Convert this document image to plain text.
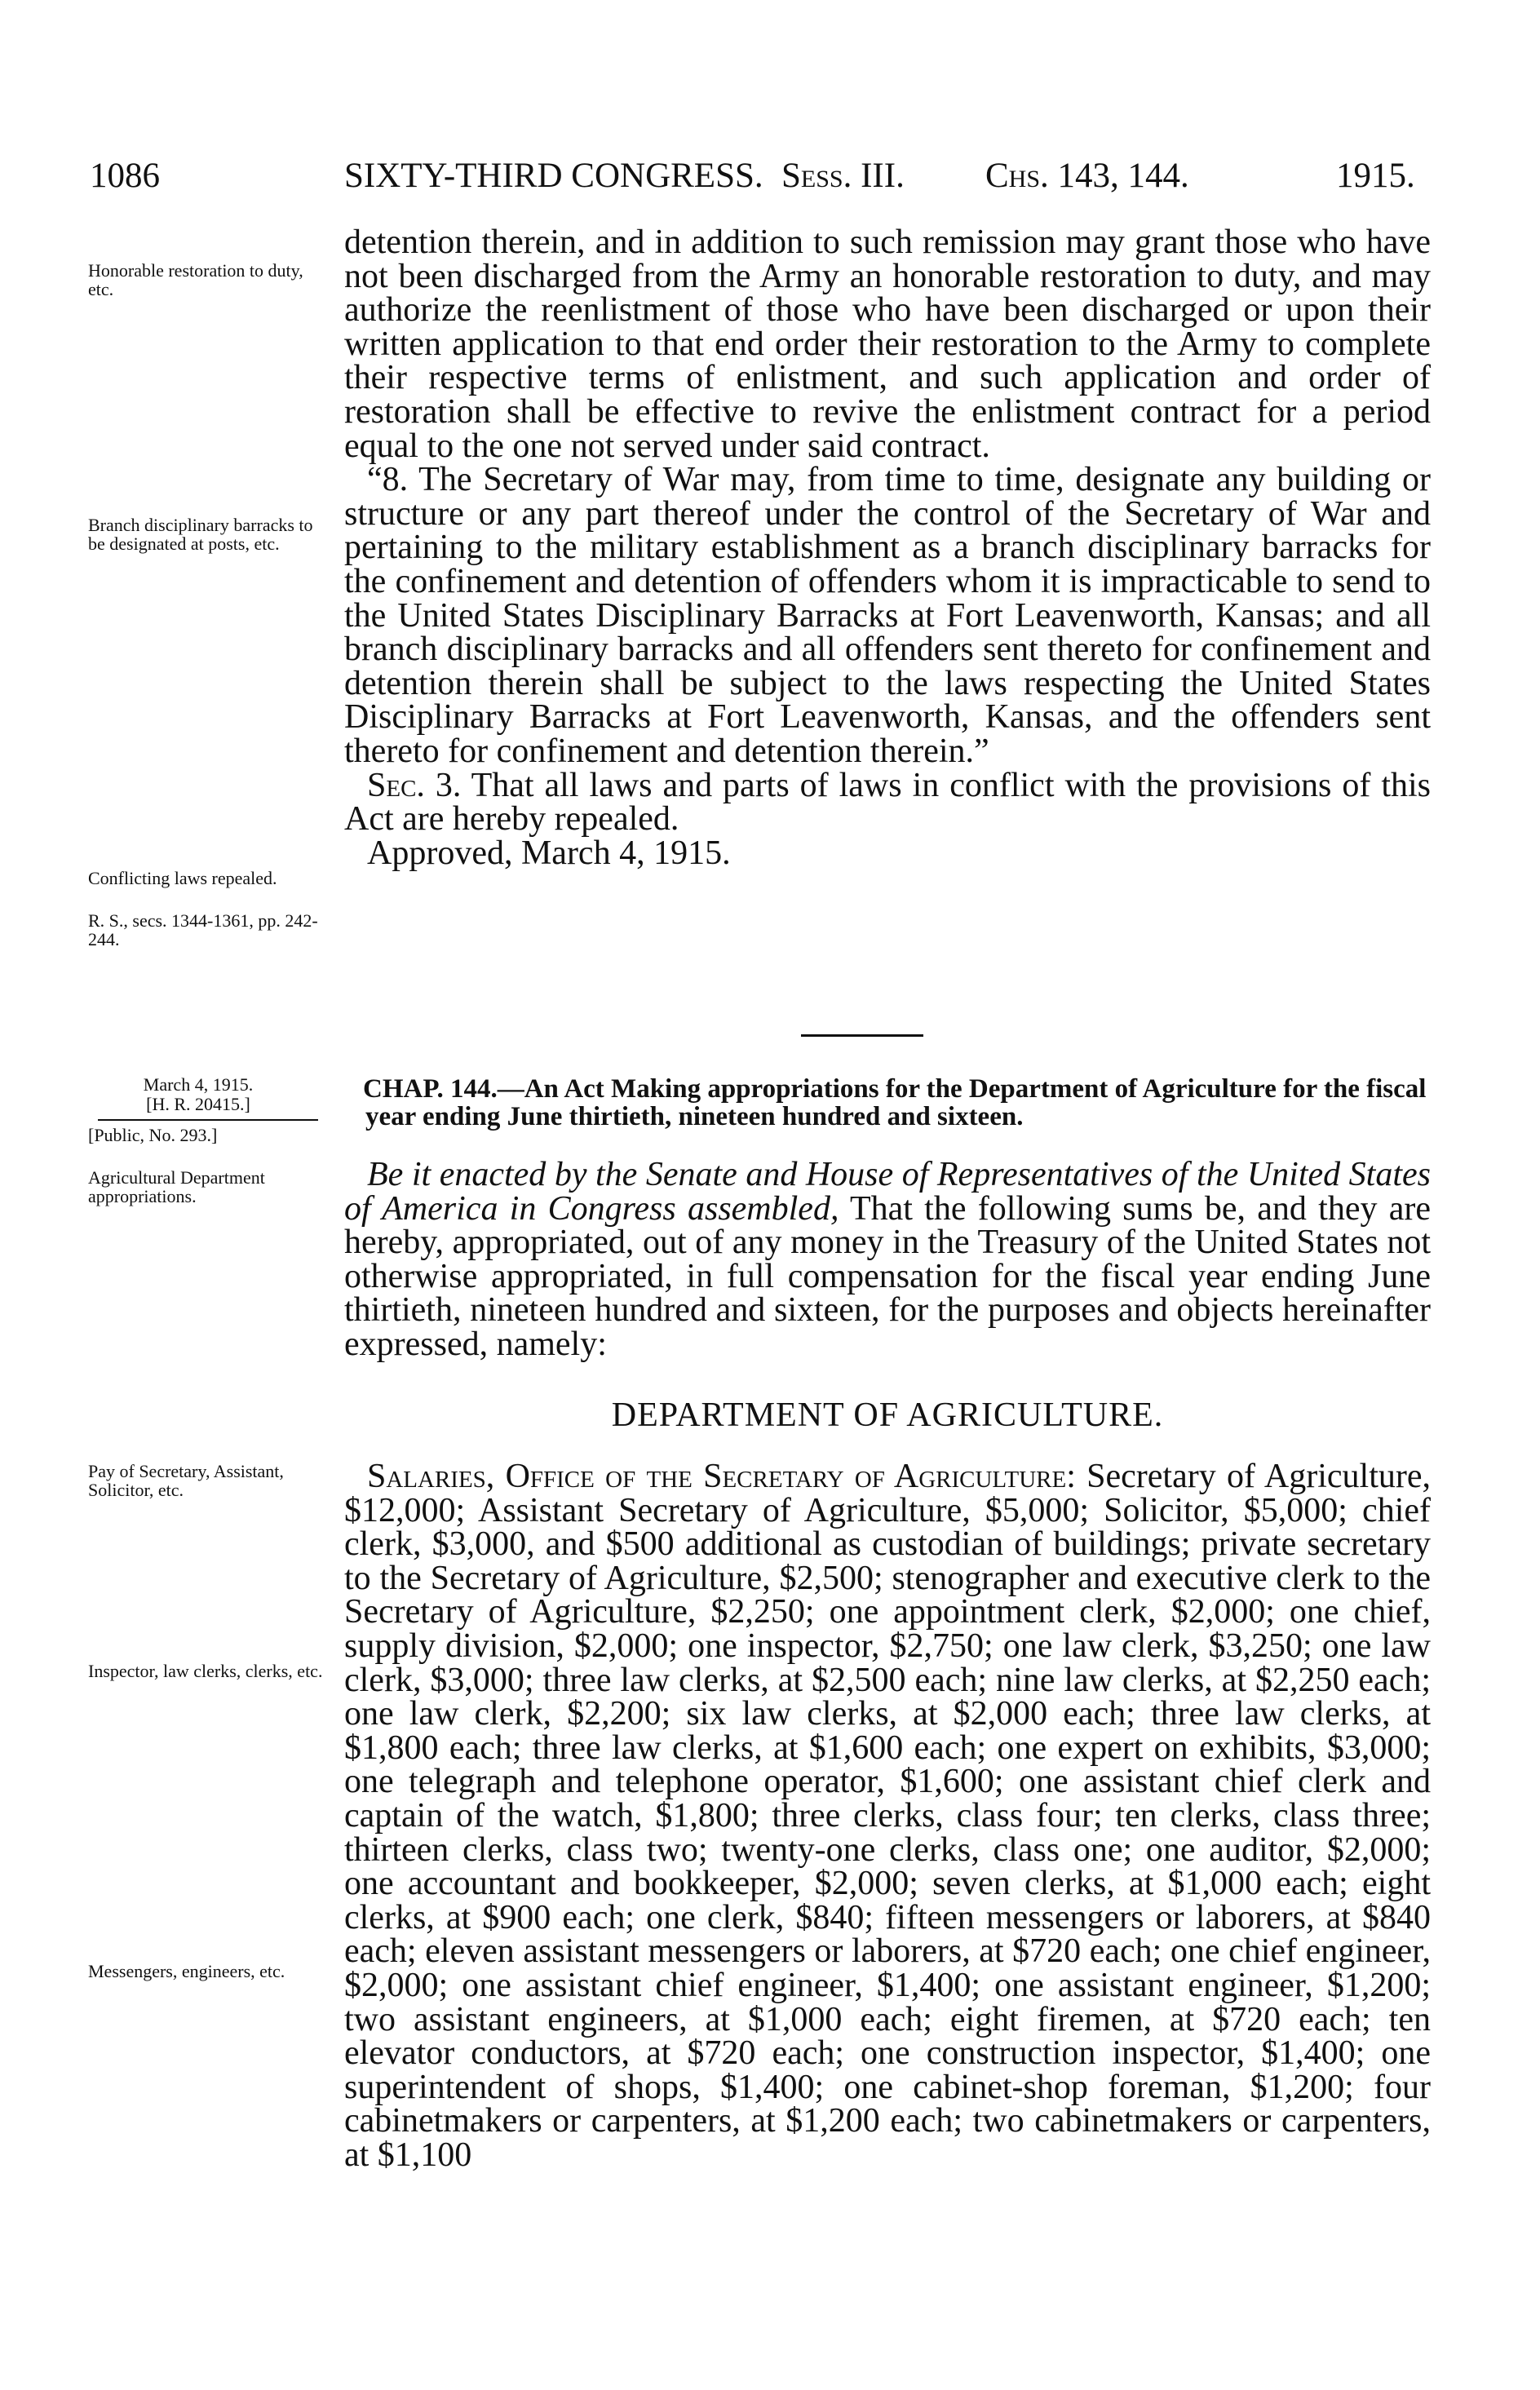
1086	SIXTY-THIRD CONGRESS. Sess. III. Chs. 143, 144.	1915.
Honorable restoration to duty, etc.
Branch disciplinary barracks to be designated at posts, etc.
Conflicting laws repealed.
R. S., secs. 1344-1361, pp. 242-244.

detention therein, and in addition to such remission may grant those who have not been discharged from the Army an honorable restoration to duty, and may authorize the reenlistment of those who have been discharged or upon their written application to that end order their restoration to the Army to complete their respective terms of enlistment, and such application and order of restoration shall be effective to revive the enlistment contract for a period equal to the one not served under said contract.

“8. The Secretary of War may, from time to time, designate any building or structure or any part thereof under the control of the Secretary of War and pertaining to the military establishment as a branch disciplinary barracks for the confinement and detention of offenders whom it is impracticable to send to the United States Disciplinary Barracks at Fort Leavenworth, Kansas; and all branch disciplinary barracks and all offenders sent thereto for confinement and detention therein shall be subject to the laws respecting the United States Disciplinary Barracks at Fort Leavenworth, Kansas, and the offenders sent thereto for confinement and detention therein.”

Sec. 3. That all laws and parts of laws in conflict with the provisions of this Act are hereby repealed.

Approved, March 4, 1915.

March 4, 1915.
[H. R. 20415.]
[Public, No. 293.]
Agricultural Department appropriations.
CHAP. 144.—An Act Making appropriations for the Department of Agriculture for the fiscal year ending June thirtieth, nineteen hundred and sixteen.

Be it enacted by the Senate and House of Representatives of the United States of America in Congress assembled, That the following sums be, and they are hereby, appropriated, out of any money in the Treasury of the United States not otherwise appropriated, in full compensation for the fiscal year ending June thirtieth, nineteen hundred and sixteen, for the purposes and objects hereinafter expressed, namely:

DEPARTMENT OF AGRICULTURE.
Pay of Secretary, Assistant, Solicitor, etc.
Inspector, law clerks, clerks, etc.
Messengers, engineers, etc.

Salaries, Office of the Secretary of Agriculture: Secretary of Agriculture, $12,000; Assistant Secretary of Agriculture, $5,000; Solicitor, $5,000; chief clerk, $3,000, and $500 additional as custodian of buildings; private secretary to the Secretary of Agriculture, $2,500; stenographer and executive clerk to the Secretary of Agriculture, $2,250; one appointment clerk, $2,000; one chief, supply division, $2,000; one inspector, $2,750; one law clerk, $3,250; one law clerk, $3,000; three law clerks, at $2,500 each; nine law clerks, at $2,250 each; one law clerk, $2,200; six law clerks, at $2,000 each; three law clerks, at $1,800 each; three law clerks, at $1,600 each; one expert on exhibits, $3,000; one telegraph and telephone operator, $1,600; one assistant chief clerk and captain of the watch, $1,800; three clerks, class four; ten clerks, class three; thirteen clerks, class two; twenty-one clerks, class one; one auditor, $2,000; one accountant and bookkeeper, $2,000; seven clerks, at $1,000 each; eight clerks, at $900 each; one clerk, $840; fifteen messengers or laborers, at $840 each; eleven assistant messengers or laborers, at $720 each; one chief engineer, $2,000; one assistant chief engineer, $1,400; one assistant engineer, $1,200; two assistant engineers, at $1,000 each; eight firemen, at $720 each; ten elevator conductors, at $720 each; one construction inspector, $1,400; one superintendent of shops, $1,400; one cabinet-shop foreman, $1,200; four cabinetmakers or carpenters, at $1,200 each; two cabinetmakers or carpenters, at $1,100
